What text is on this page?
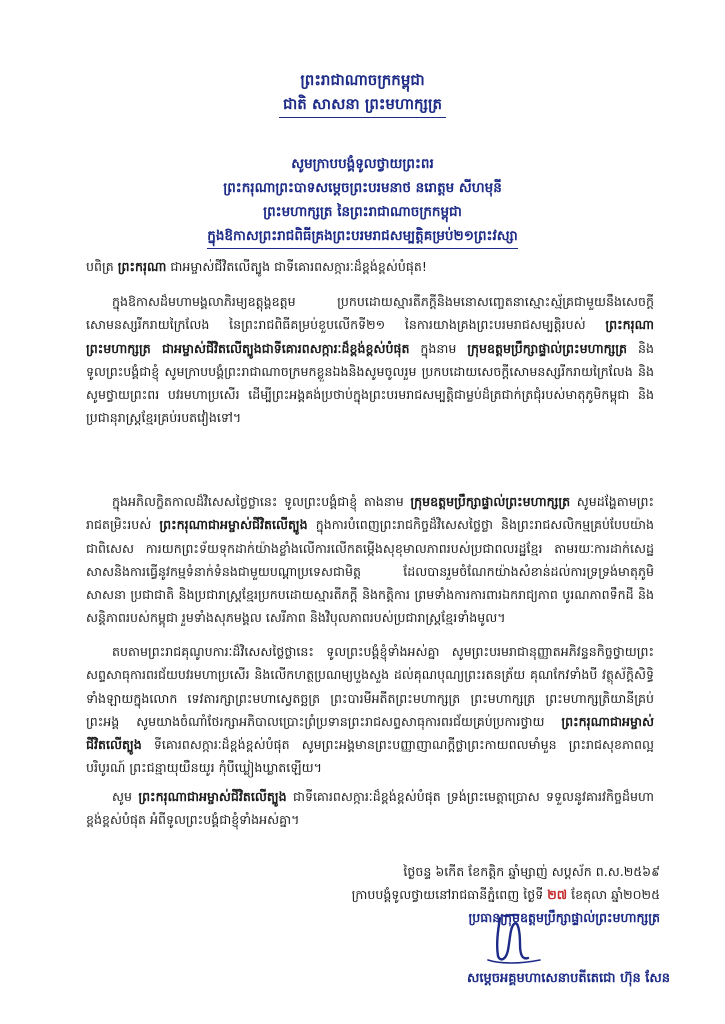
ព្រះរាជាណាចក្រកម្ពុជា
ជាតិ សាសនា ព្រះមហាក្សត្រ
សូមក្រាបបង្គំទូលថ្វាយព្រះពរ
ព្រះករុណាព្រះបាទសម្តេចព្រះបរមនាថ នរោត្តម សីហមុនី
ព្រះមហាក្សត្រ នៃព្រះរាជាណាចក្រកម្ពុជា
ក្នុងឱកាសព្រះរាជពិធីគ្រងព្រះបរមរាជសម្បត្តិគម្រប់២១ព្រះវស្សា
បពិត្រ ព្រះករុណា ជាអម្ចាស់ជីវិតលើត្បូង ជាទីគោរពសក្ការៈដ៏ខ្ពង់ខ្ពស់បំផុត!
ក្នុងឱកាសដ៏មហាមង្គលាភិរម្យឧត្តុង្គឧត្តម ប្រកបដោយស្មារតីភក្តីនិងមនោសញ្ចេតនាស្មោះស្ម័គ្រជាមួយនឹងសេចក្តីសោមនស្សរីករាយក្រៃលែង នៃព្រះរាជពិធីគម្រប់ខួបលើកទី២១ នៃការយាងគ្រងព្រះបរមរាជសម្បត្តិរបស់ ព្រះករុណា ព្រះមហាក្សត្រ ជាអម្ចាស់ជីវិតលើត្បូងជាទីគោរពសក្ការៈដ៏ខ្ពង់ខ្ពស់បំផុត ក្នុងនាម ក្រុមឧត្តមប្រឹក្សាផ្ទាល់ព្រះមហាក្សត្រ និងទូលព្រះបង្គំជាខ្ញុំ សូមក្រាបបង្គំព្រះរាជាណាចក្រមកខ្លួនឯងនិងសូមចូលរួម ប្រកបដោយសេចក្តីសោមនស្សរីករាយក្រៃលែង និងសូមថ្វាយព្រះពរ បវរមហាប្រសើរ ដើម្បីព្រះអង្គគង់ប្រថាប់ក្នុងព្រះបរមរាជសម្បត្តិជាម្លប់ដ៏ត្រជាក់ត្រជុំរបស់មាតុភូមិកម្ពុជា និងប្រជានុរាស្ត្រខ្មែរគ្រប់របតវៀងទៅ។
ក្នុងអភិលក្ខិតកាលដ៏វិសេសថ្លៃថ្លានេះ ទូលព្រះបង្គំជាខ្ញុំ តាងនាម ក្រុមឧត្តមប្រឹក្សាផ្ទាល់ព្រះមហាក្សត្រ សូមដង្ហែតាមព្រះរាជតម្រិះរបស់ ព្រះករុណាជាអម្ចាស់ជីវិតលើត្បូង ក្នុងការបំពេញព្រះរាជកិច្ចដ៏វិសេសថ្លៃថ្លា និងព្រះរាជសលិកម្មគ្រប់បែបយ៉ាង ជាពិសេស ការយកព្រះទ័យទុកដាក់យ៉ាងខ្លាំងលើការលើកតម្កើងសុខុមាលភាពរបស់ប្រជាពលរដ្ឋខ្មែរ តាមរយៈការដាក់សេដ្ឋសាសនិងការធ្វើនូវកម្មទំនាក់ទំនងជាមួយបណ្តាប្រទេសជាមិត្ត ដែលបានរួមចំណែកយ៉ាងសំខាន់ដល់ការទ្រទ្រង់មាតុភូមិ សាសនា ប្រជាជាតិ និងប្រជារាស្ត្រខ្មែរប្រកបដោយស្មារតីភក្តី និងកត្តិការ ព្រមទាំងការការពារឯករាជ្យភាព បូរណភាពទឹកដី និងសន្តិភាពរបស់កម្ពុជា រួមទាំងសុភមង្គល សេរីភាព និងវិបុលភាពរបស់ប្រជារាស្ត្រខ្មែរទាំងមូល។
តបតាមព្រះរាជគុណូបការៈដ៏វិសេសថ្លៃថ្លានេះ ទូលព្រះបង្គំខ្ញុំទាំងអស់គ្នា សូមព្រះបរមរាជានុញ្ញាតអភិវន្ទនកិច្ចថ្វាយព្រះសព្ទសាធុការពរជ័យបវរមហាប្រសើរ និងលើកហត្ថប្រណម្យបួងសួង ដល់គុណបុណ្យព្រះរតនត្រ័យ គុណកែវទាំងបី វត្ថុស័ក្តិសិទ្ធិទាំងឡាយក្នុងលោក ទេវតារក្សាព្រះមហាស្វេតច្ឆត្រ ព្រះបារមីអតីតព្រះមហាក្សត្រ ព្រះមហាក្សត្រ ព្រះមហាក្សត្រិយានីគ្រប់ព្រះអង្គ សូមយាងចំណាំថែរក្សាអភិបាលប្រោះព្រំប្រទានព្រះរាជសព្ទសាធុការពរជ័យគ្រប់ប្រការថ្វាយ ព្រះករុណាជាអម្ចាស់ជីវិតលើត្បូង ទីគោរពសក្ការៈដ៏ខ្ពង់ខ្ពស់បំផុត សូមព្រះអង្គមានព្រះបញ្ញាញាណក្តីថ្លាព្រះកាយពលមាំមួន ព្រះរាជសុខភាពល្អបរិបូរណ៍ ព្រះជន្មាយុយឺនយូរ កុំបីឃ្លៀងឃ្លាតឡើយ។
សូម ព្រះករុណាជាអម្ចាស់ជីវិតលើត្បូង ជាទីគោរពសក្ការៈដ៏ខ្ពង់ខ្ពស់បំផុត ទ្រង់ព្រះមេត្តាប្រោស ទទួលនូវគារវកិច្ចដ៏មហាខ្ពង់ខ្ពស់បំផុត អំពីទូលព្រះបង្គំជាខ្ញុំទាំងអស់គ្នា។
ថ្ងៃចន្ទ ៦កើត ខែកត្តិក ឆ្នាំម្សាញ់ សប្តស័ក ព.ស.២៥៦៩
ក្រាបបង្គំទូលថ្វាយនៅរាជធានីភ្នំពេញ ថ្ងៃទី ២៧ ខែតុលា ឆ្នាំ២០២៥
ប្រធានក្រុមឧត្តមប្រឹក្សាផ្ទាល់ព្រះមហាក្សត្រ
សម្តេចអគ្គមហាសេនាបតីតេជោ ហ៊ុន សែន
